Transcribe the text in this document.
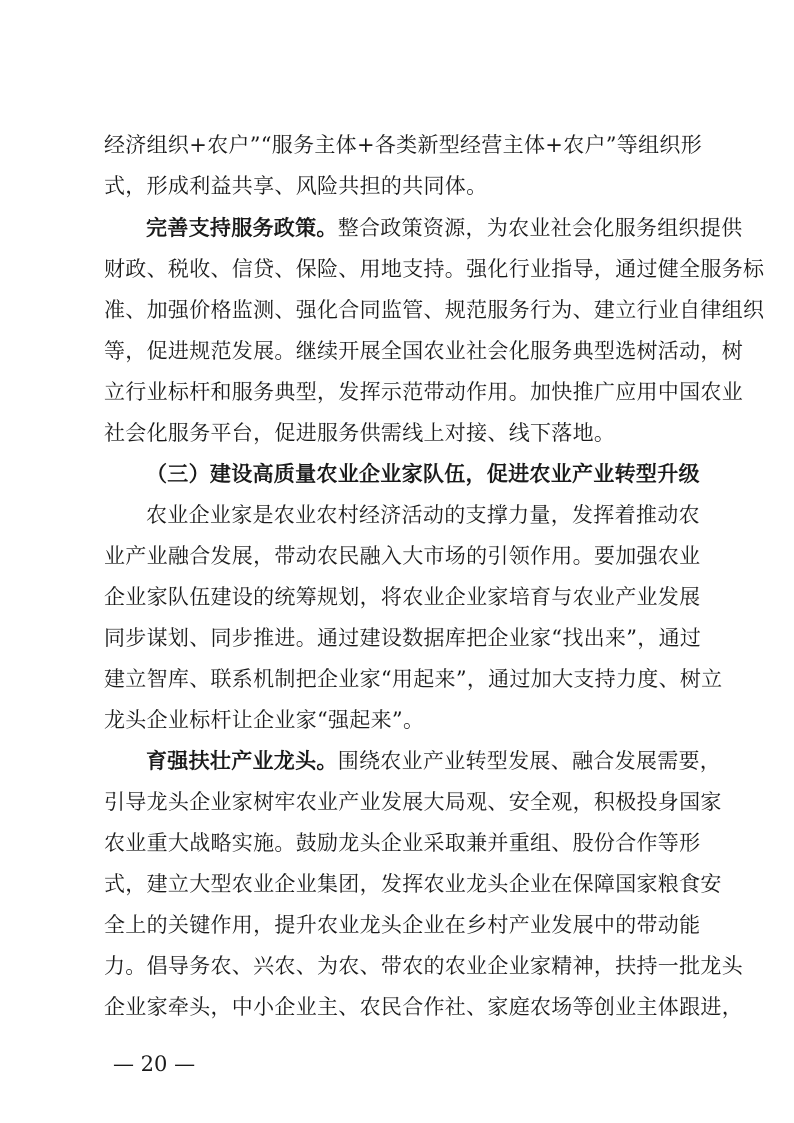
经济组织+农户”“服务主体+各类新型经营主体+农户”等组织形
式，形成利益共享、风险共担的共同体。
完善支持服务政策。整合政策资源，为农业社会化服务组织提供
财政、税收、信贷、保险、用地支持。强化行业指导，通过健全服务标
准、加强价格监测、强化合同监管、规范服务行为、建立行业自律组织
等，促进规范发展。继续开展全国农业社会化服务典型选树活动，树
立行业标杆和服务典型，发挥示范带动作用。加快推广应用中国农业
社会化服务平台，促进服务供需线上对接、线下落地。
（三）建设高质量农业企业家队伍，促进农业产业转型升级
农业企业家是农业农村经济活动的支撑力量，发挥着推动农
业产业融合发展，带动农民融入大市场的引领作用。要加强农业
企业家队伍建设的统筹规划，将农业企业家培育与农业产业发展
同步谋划、同步推进。通过建设数据库把企业家“找出来”，通过
建立智库、联系机制把企业家“用起来”，通过加大支持力度、树立
龙头企业标杆让企业家“强起来”。
育强扶壮产业龙头。围绕农业产业转型发展、融合发展需要，
引导龙头企业家树牢农业产业发展大局观、安全观，积极投身国家
农业重大战略实施。鼓励龙头企业采取兼并重组、股份合作等形
式，建立大型农业企业集团，发挥农业龙头企业在保障国家粮食安
全上的关键作用，提升农业龙头企业在乡村产业发展中的带动能
力。倡导务农、兴农、为农、带农的农业企业家精神，扶持一批龙头
企业家牵头，中小企业主、农民合作社、家庭农场等创业主体跟进，
— 20 —
